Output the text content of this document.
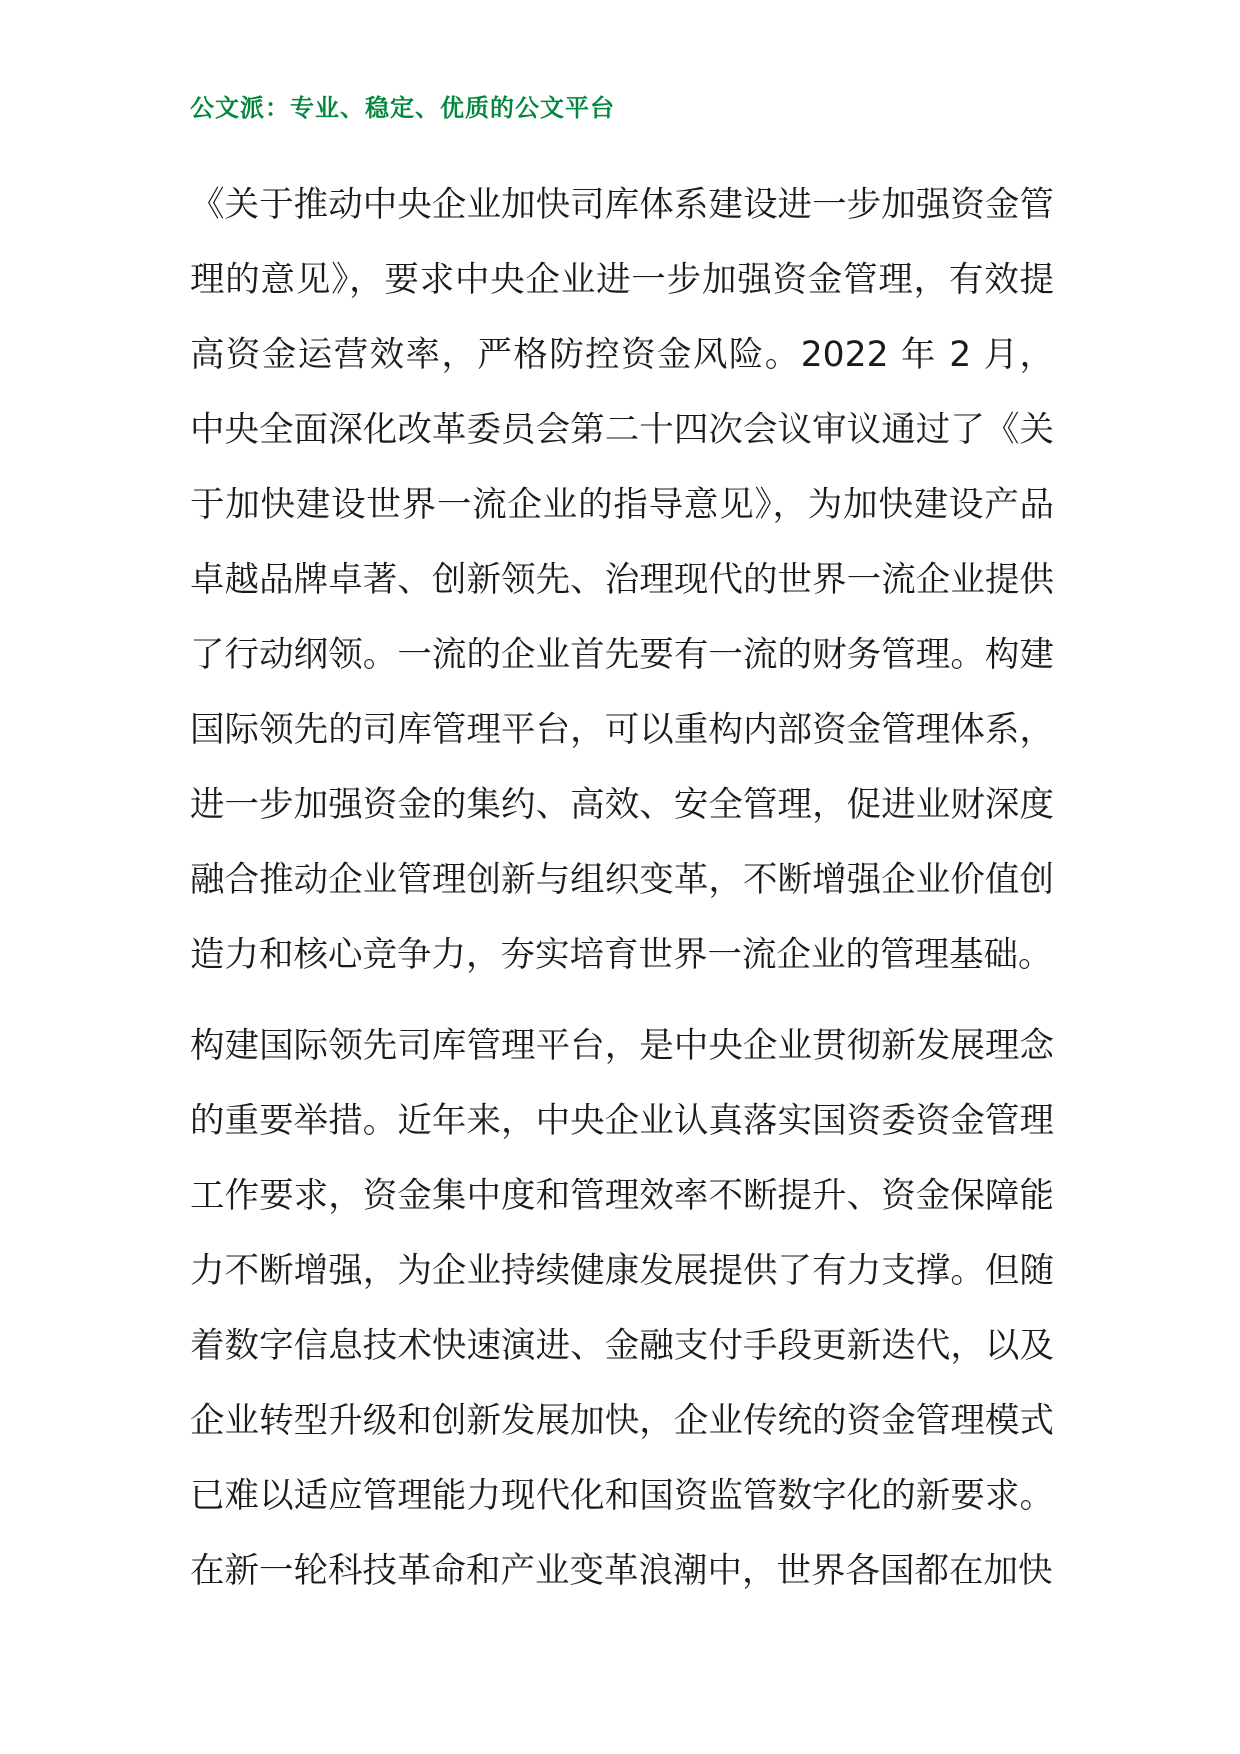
公文派：专业、稳定、优质的公文平台

《关于推动中央企业加快司库体系建设进一步加强资金管理的意见》，要求中央企业进一步加强资金管理，有效提高资金运营效率，严格防控资金风险。2022 年 2 月，中央全面深化改革委员会第二十四次会议审议通过了《关于加快建设世界一流企业的指导意见》，为加快建设产品卓越品牌卓著、创新领先、治理现代的世界一流企业提供了行动纲领。一流的企业首先要有一流的财务管理。构建国际领先的司库管理平台，可以重构内部资金管理体系，进一步加强资金的集约、高效、安全管理，促进业财深度融合推动企业管理创新与组织变革，不断增强企业价值创造力和核心竞争力，夯实培育世界一流企业的管理基础。

构建国际领先司库管理平台，是中央企业贯彻新发展理念的重要举措。近年来，中央企业认真落实国资委资金管理工作要求，资金集中度和管理效率不断提升、资金保障能力不断增强，为企业持续健康发展提供了有力支撑。但随着数字信息技术快速演进、金融支付手段更新迭代，以及企业转型升级和创新发展加快，企业传统的资金管理模式已难以适应管理能力现代化和国资监管数字化的新要求。在新一轮科技革命和产业变革浪潮中，世界各国都在加快
